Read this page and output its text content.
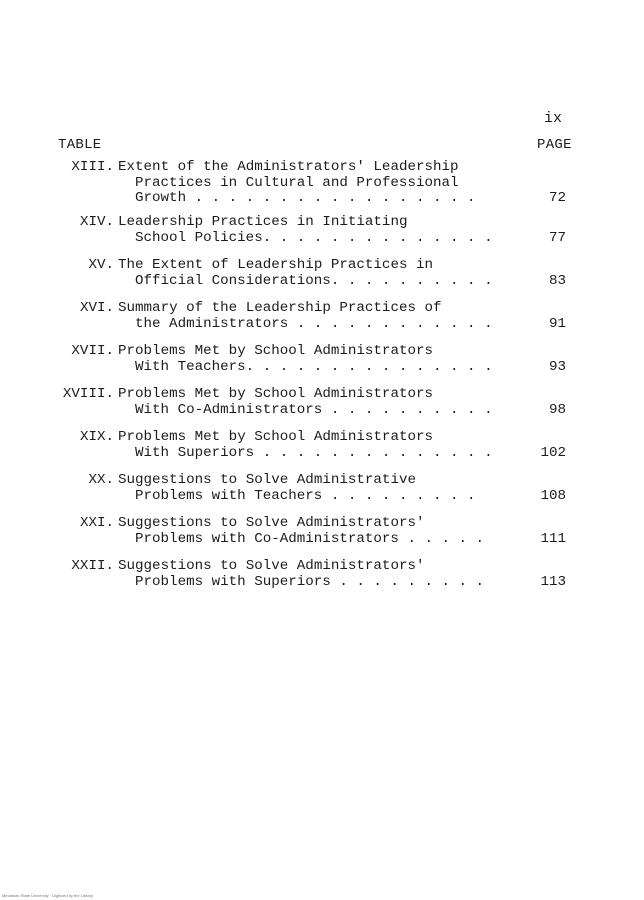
ix
TABLE	PAGE
XIII. Extent of the Administrators' Leadership
Practices in Cultural and Professional
Growth . . . . . . . . . . . . . . . . .	72
XIV. Leadership Practices in Initiating
School Policies. . . . . . . . . . . . . .	77
XV. The Extent of Leadership Practices in
Official Considerations. . . . . . . . . .	83
XVI. Summary of the Leadership Practices of
the Administrators . . . . . . . . . . . .	91
XVII. Problems Met by School Administrators
With Teachers. . . . . . . . . . . . . . .	93
XVIII. Problems Met by School Administrators
With Co-Administrators . . . . . . . . . .	98
XIX. Problems Met by School Administrators
With Superiors . . . . . . . . . . . . . .	102
XX. Suggestions to Solve Administrative
Problems with Teachers . . . . . . . . .	108
XXI. Suggestions to Solve Administrators'
Problems with Co-Administrators . . . . .	111
XXII. Suggestions to Solve Administrators'
Problems with Superiors . . . . . . . . .	113
Mindanao State University · Digitized by the Library
